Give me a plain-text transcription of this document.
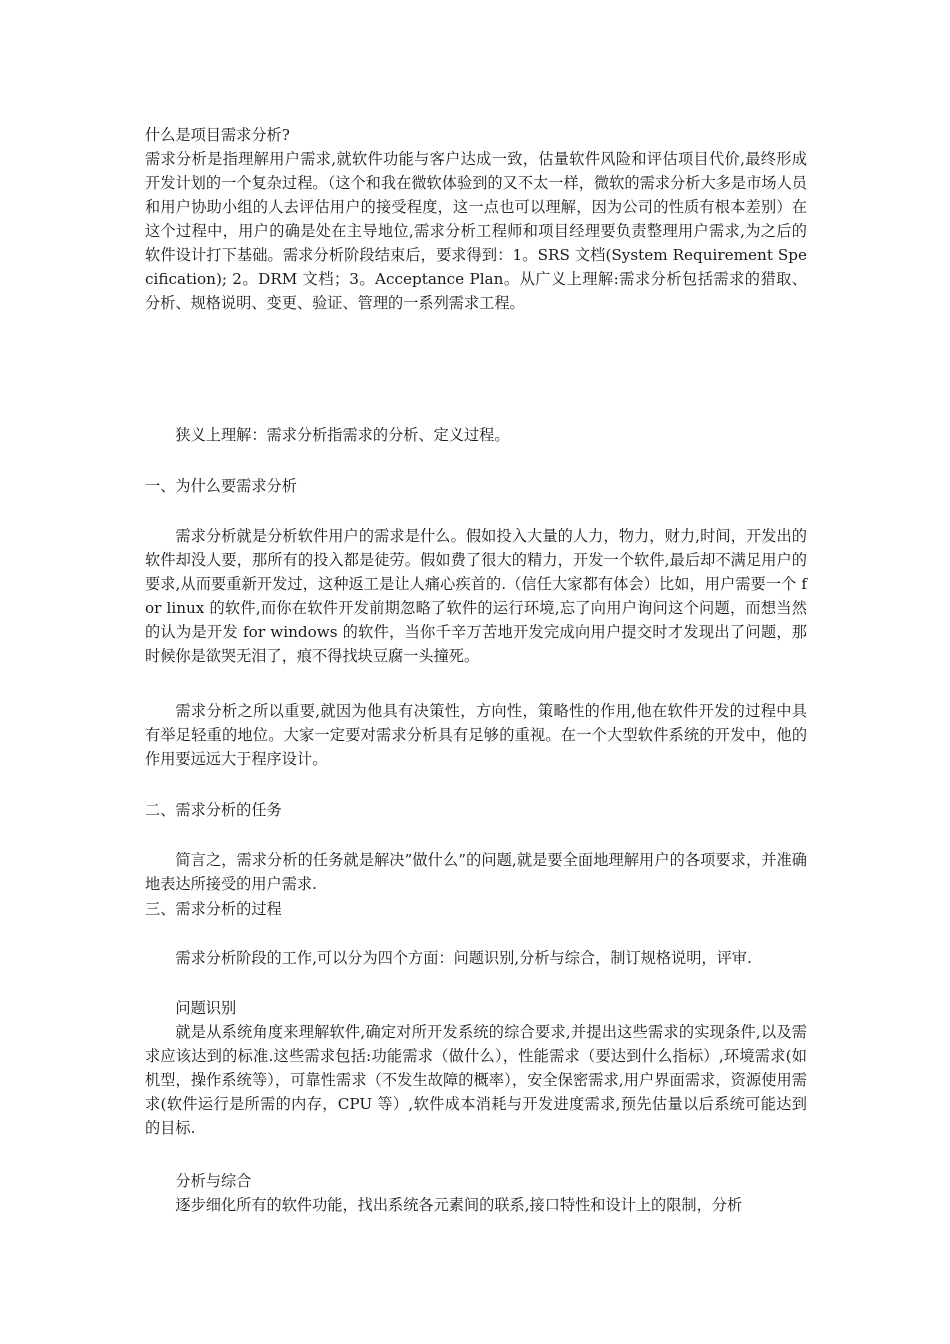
什么是项目需求分析?

需求分析是指理解用户需求,就软件功能与客户达成一致，估量软件风险和评估项目代价,最终形成开发计划的一个复杂过程。（这个和我在微软体验到的又不太一样，微软的需求分析大多是市场人员和用户协助小组的人去评估用户的接受程度，这一点也可以理解，因为公司的性质有根本差别）在这个过程中，用户的确是处在主导地位,需求分析工程师和项目经理要负责整理用户需求,为之后的软件设计打下基础。需求分析阶段结束后，要求得到：1。SRS 文档(System Requirement Specification); 2。DRM 文档；3。Acceptance Plan。从广义上理解:需求分析包括需求的猎取、分析、规格说明、变更、验证、管理的一系列需求工程。

狭义上理解：需求分析指需求的分析、定义过程。

一、为什么要需求分析

需求分析就是分析软件用户的需求是什么。假如投入大量的人力，物力，财力,时间，开发出的软件却没人要，那所有的投入都是徒劳。假如费了很大的精力，开发一个软件,最后却不满足用户的要求,从而要重新开发过，这种返工是让人痛心疾首的.（信任大家都有体会）比如，用户需要一个 for linux 的软件,而你在软件开发前期忽略了软件的运行环境,忘了向用户询问这个问题，而想当然的认为是开发 for windows 的软件，当你千辛万苦地开发完成向用户提交时才发现出了问题，那时候你是欲哭无泪了，痕不得找块豆腐一头撞死。

需求分析之所以重要,就因为他具有决策性，方向性，策略性的作用,他在软件开发的过程中具有举足轻重的地位。大家一定要对需求分析具有足够的重视。在一个大型软件系统的开发中，他的作用要远远大于程序设计。

二、需求分析的任务

简言之，需求分析的任务就是解决”做什么”的问题,就是要全面地理解用户的各项要求，并准确地表达所接受的用户需求.

三、需求分析的过程

需求分析阶段的工作,可以分为四个方面：问题识别,分析与综合，制订规格说明，评审.

问题识别

就是从系统角度来理解软件,确定对所开发系统的综合要求,并提出这些需求的实现条件,以及需求应该达到的标准.这些需求包括:功能需求（做什么），性能需求（要达到什么指标）,环境需求(如机型，操作系统等），可靠性需求（不发生故障的概率），安全保密需求,用户界面需求，资源使用需求(软件运行是所需的内存，CPU 等）,软件成本消耗与开发进度需求,预先估量以后系统可能达到的目标.

分析与综合

逐步细化所有的软件功能，找出系统各元素间的联系,接口特性和设计上的限制，分析
